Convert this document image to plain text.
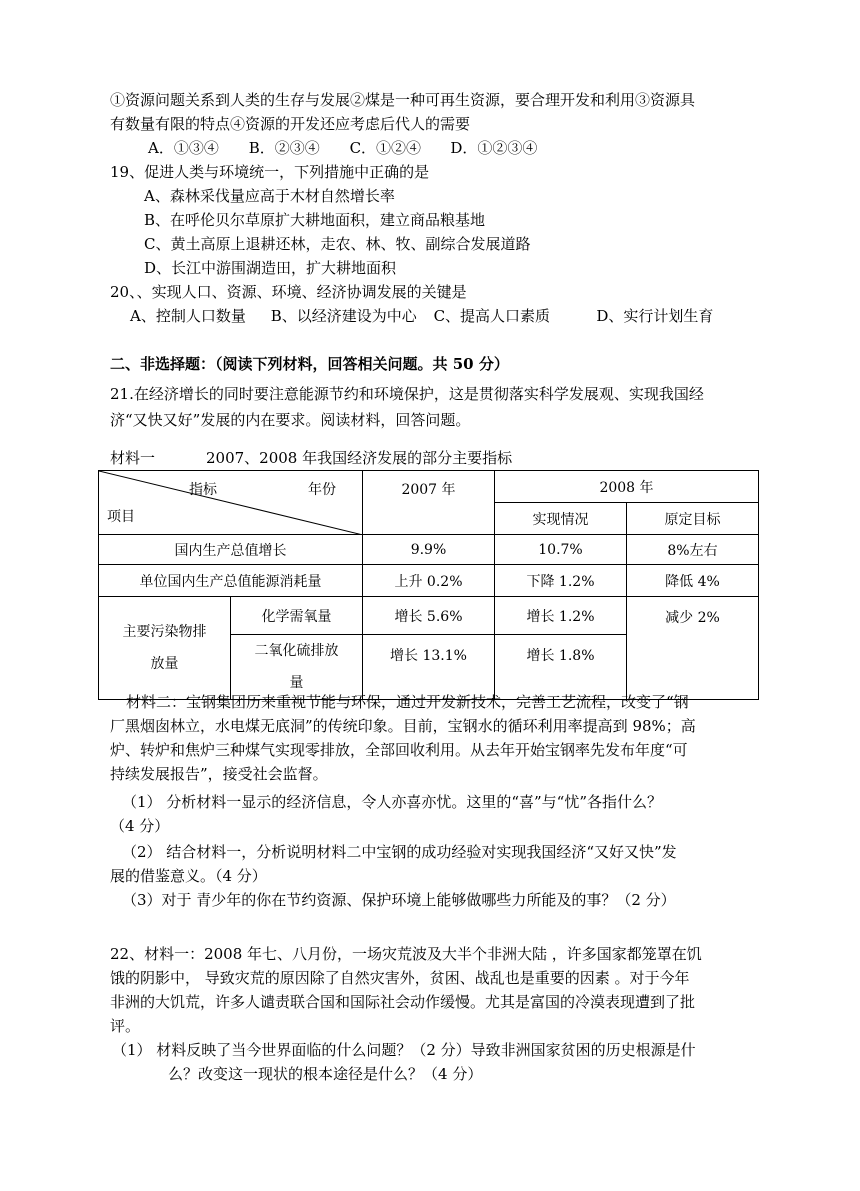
①资源问题关系到人类的生存与发展②煤是一种可再生资源，要合理开发和利用③资源具
有数量有限的特点④资源的开发还应考虑后代人的需要
A．①③④ B．②③④ C．①②④ D．①②③④
19、促进人类与环境统一，下列措施中正确的是
A、森林采伐量应高于木材自然增长率
B、在呼伦贝尔草原扩大耕地面积，建立商品粮基地
C、黄土高原上退耕还林，走农、林、牧、副综合发展道路
D、长江中游围湖造田，扩大耕地面积
20、、实现人口、资源、环境、经济协调发展的关键是
A、控制人口数量 B、以经济建设为中心 C、提高人口素质	D、实行计划生育
二、非选择题：（阅读下列材料，回答相关问题。共 50 分）
21.在经济增长的同时要注意能源节约和环境保护，这是贯彻落实科学发展观、实现我国经
济“又快又好”发展的内在要求。阅读材料，回答问题。
材料一	2007、2008 年我国经济发展的部分主要指标
指标 年份
项目		2007 年	2008 年	
			实现情况	原定目标
国内生产总值增长		9.9%	10.7%	8%左右
单位国内生产总值能源消耗量		上升 0.2%	下降 1.2%	降低 4%

主要污染物排
放量	化学需氧量	增长 5.6%	增长 1.2%	减少 2%

	二氧化硫排放
量	增长 13.1%	增长 1.8%	
材料二：宝钢集团历来重视节能与环保，通过开发新技术，完善工艺流程，改变了“钢
厂黑烟囱林立，水电煤无底洞”的传统印象。目前，宝钢水的循环利用率提高到 98%；高
炉、转炉和焦炉三种煤气实现零排放，全部回收利用。从去年开始宝钢率先发布年度“可
持续发展报告”，接受社会监督。
（1） 分析材料一显示的经济信息，令人亦喜亦忧。这里的“喜”与“忧”各指什么？
（4 分）
（2） 结合材料一，分析说明材料二中宝钢的成功经验对实现我国经济“又好又快”发
展的借鉴意义。（4 分）
（3）对于 青少年的你在节约资源、保护环境上能够做哪些力所能及的事？（2 分）
22、材料一：2008 年七、八月份，一场灾荒波及大半个非洲大陆 ，许多国家都笼罩在饥
饿的阴影中， 导致灾荒的原因除了自然灾害外，贫困、战乱也是重要的因素 。对于今年
非洲的大饥荒，许多人谴责联合国和国际社会动作缓慢。尤其是富国的冷漠表现遭到了批
评。
（1） 材料反映了当今世界面临的什么问题？（2 分）导致非洲国家贫困的历史根源是什
么？改变这一现状的根本途径是什么？（4 分）
